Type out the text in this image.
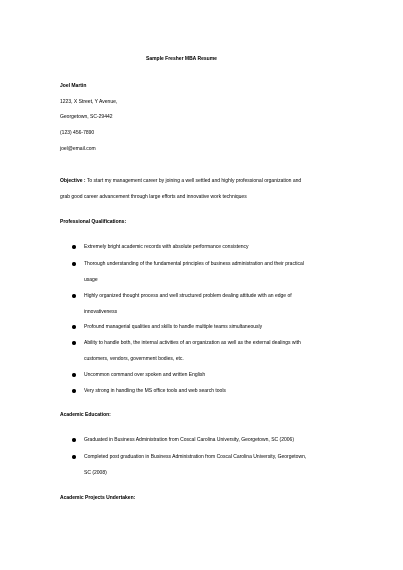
Sample Fresher MBA Resume
Joel Martin
1223, X Street, Y Avenue,
Georgetown, SC-29442
(123) 456-7890
joel@email.com
Objective : To start my management career by joining a well settled and highly professional organization and
grab good career advancement through large efforts and innovative work techniques
Professional Qualifications:
Extremely bright academic records with absolute performance consistency
Thorough understanding of the fundamental principles of business administration and their practical
usage
Highly organized thought process and well structured problem dealing attitude with an edge of
innovativeness
Profound managerial qualities and skills to handle multiple teams simultaneously
Ability to handle both, the internal activities of an organization as well as the external dealings with
customers, vendors, government bodies, etc.
Uncommon command over spoken and written English
Very strong in handling the MS office tools and web search tools
Academic Education:
Graduated in Business Administration from Coscal Carolina University, Georgetown, SC (2006)
Completed post graduation in Business Administration from Coscal Carolina University, Georgetown,
SC (2008)
Academic Projects Undertaken:
